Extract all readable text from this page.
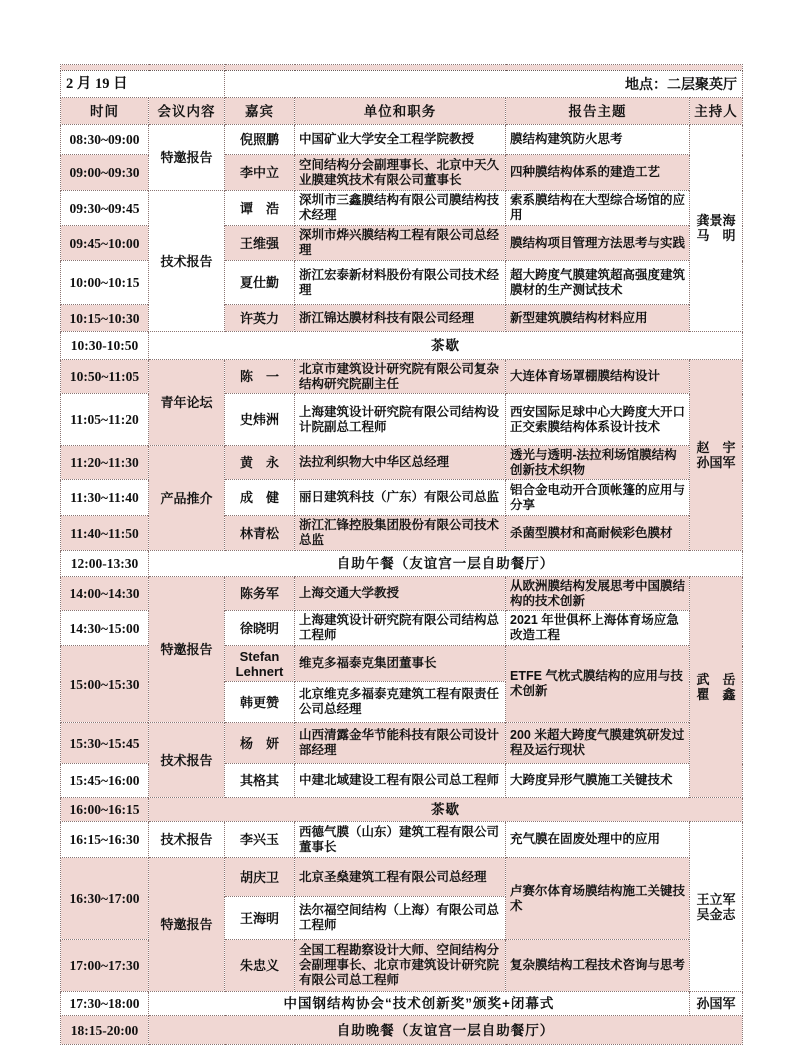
2 月 19 日		地点：二层聚英厅			
时间	会议内容	嘉宾	单位和职务	报告主题	主持人
08:30~09:00	特邀报告	倪照鹏	中国矿业大学安全工程学院教授	膜结构建筑防火思考	龚景海
马　明

09:00~09:30		李中立	空间结构分会副理事长、北京中天久业膜建筑技术有限公司董事长	四种膜结构体系的建造工艺	
09:30~09:45	技术报告	谭　浩	深圳市三鑫膜结构有限公司膜结构技术经理	索系膜结构在大型综合场馆的应用	
09:45~10:00		王维强	深圳市烨兴膜结构工程有限公司总经理	膜结构项目管理方法思考与实践	
10:00~10:15		夏仕勤	浙江宏泰新材料股份有限公司技术经理	超大跨度气膜建筑超高强度建筑膜材的生产测试技术	
10:15~10:30		许英力	浙江锦达膜材科技有限公司经理	新型建筑膜结构材料应用	
10:30-10:50	茶歇				
10:50~11:05	青年论坛	陈　一	北京市建筑设计研究院有限公司复杂结构研究院副主任	大连体育场罩棚膜结构设计	赵　宇
孙国军

11:05~11:20		史炜洲	上海建筑设计研究院有限公司结构设计院副总工程师	西安国际足球中心大跨度大开口正交索膜结构体系设计技术	
11:20~11:30	产品推介	黄　永	法拉利织物大中华区总经理	透光与透明-法拉利场馆膜结构创新技术织物	
11:30~11:40		成　健	丽日建筑科技（广东）有限公司总监	铝合金电动开合顶帐篷的应用与分享	
11:40~11:50		林青松	浙江汇锋控股集团股份有限公司技术总监	杀菌型膜材和高耐候彩色膜材	
12:00-13:30	自助午餐（友谊宫一层自助餐厅）				
14:00~14:30	特邀报告	陈务军	上海交通大学教授	从欧洲膜结构发展思考中国膜结构的技术创新	武　岳
瞿　鑫

14:30~15:00		徐晓明	上海建筑设计研究院有限公司结构总工程师	2021 年世俱杯上海体育场应急改造工程	
15:00~15:30		Stefan Lehnert	维克多福泰克集团董事长	ETFE 气枕式膜结构的应用与技术创新	
		韩更赞	北京维克多福泰克建筑工程有限责任公司总经理		
15:30~15:45	技术报告	杨　妍	山西清露金华节能科技有限公司设计部经理	200 米超大跨度气膜建筑研发过程及运行现状	
15:45~16:00		其格其	中建北域建设工程有限公司总工程师	大跨度异形气膜施工关键技术	
16:00~16:15	茶歇				
16:15~16:30	技术报告	李兴玉	西德气膜（山东）建筑工程有限公司董事长	充气膜在固废处理中的应用	王立军
吴金志

16:30~17:00	特邀报告	胡庆卫	北京圣燊建筑工程有限公司总经理	卢赛尔体育场膜结构施工关键技术	
		王海明	法尔福空间结构（上海）有限公司总工程师		
17:00~17:30		朱忠义	全国工程勘察设计大师、空间结构分会副理事长、北京市建筑设计研究院有限公司总工程师	复杂膜结构工程技术咨询与思考	
17:30~18:00	中国钢结构协会“技术创新奖”颁奖+闭幕式				孙国军

18:15-20:00	自助晚餐（友谊宫一层自助餐厅）				
